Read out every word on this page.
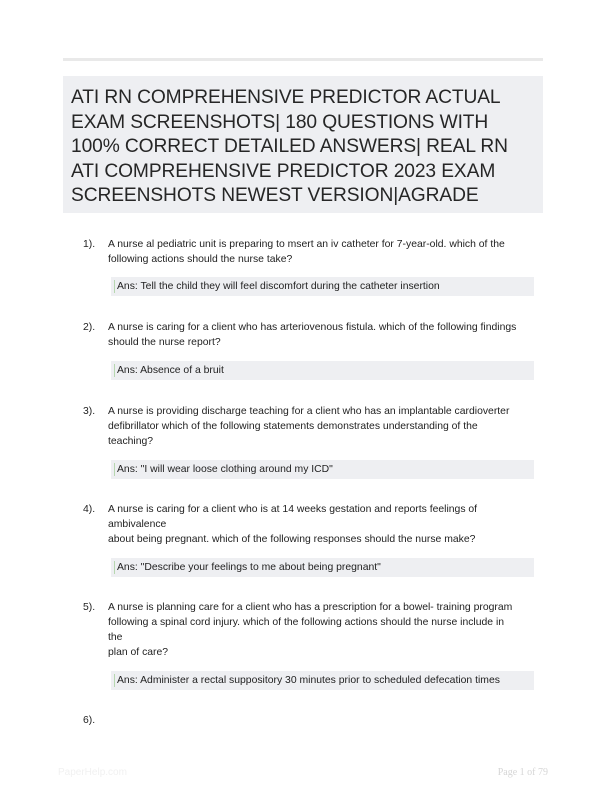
ATI RN COMPREHENSIVE PREDICTOR ACTUAL EXAM SCREENSHOTS| 180 QUESTIONS WITH 100% CORRECT DETAILED ANSWERS| REAL RN ATI COMPREHENSIVE PREDICTOR 2023 EXAM SCREENSHOTS NEWEST VERSION|AGRADE
1). A nurse al pediatric unit is preparing to msert an iv catheter for 7-year-old. which of the
following actions should the nurse take?
Ans: Tell the child they will feel discomfort during the catheter insertion
2). A nurse is caring for a client who has arteriovenous fistula. which of the following findings
should the nurse report?
Ans: Absence of a bruit
3). A nurse is providing discharge teaching for a client who has an implantable cardioverter
defibrillator which of the following statements demonstrates understanding of the
teaching?
Ans: "I will wear loose clothing around my ICD"
4). A nurse is caring for a client who is at 14 weeks gestation and reports feelings of
ambivalence
about being pregnant. which of the following responses should the nurse make?
Ans: "Describe your feelings to me about being pregnant"
5). A nurse is planning care for a client who has a prescription for a bowel- training program
following a spinal cord injury. which of the following actions should the nurse include in
the
plan of care?
Ans: Administer a rectal suppository 30 minutes prior to scheduled defecation times
6).
PaperHelp.com	Page 1 of 79
